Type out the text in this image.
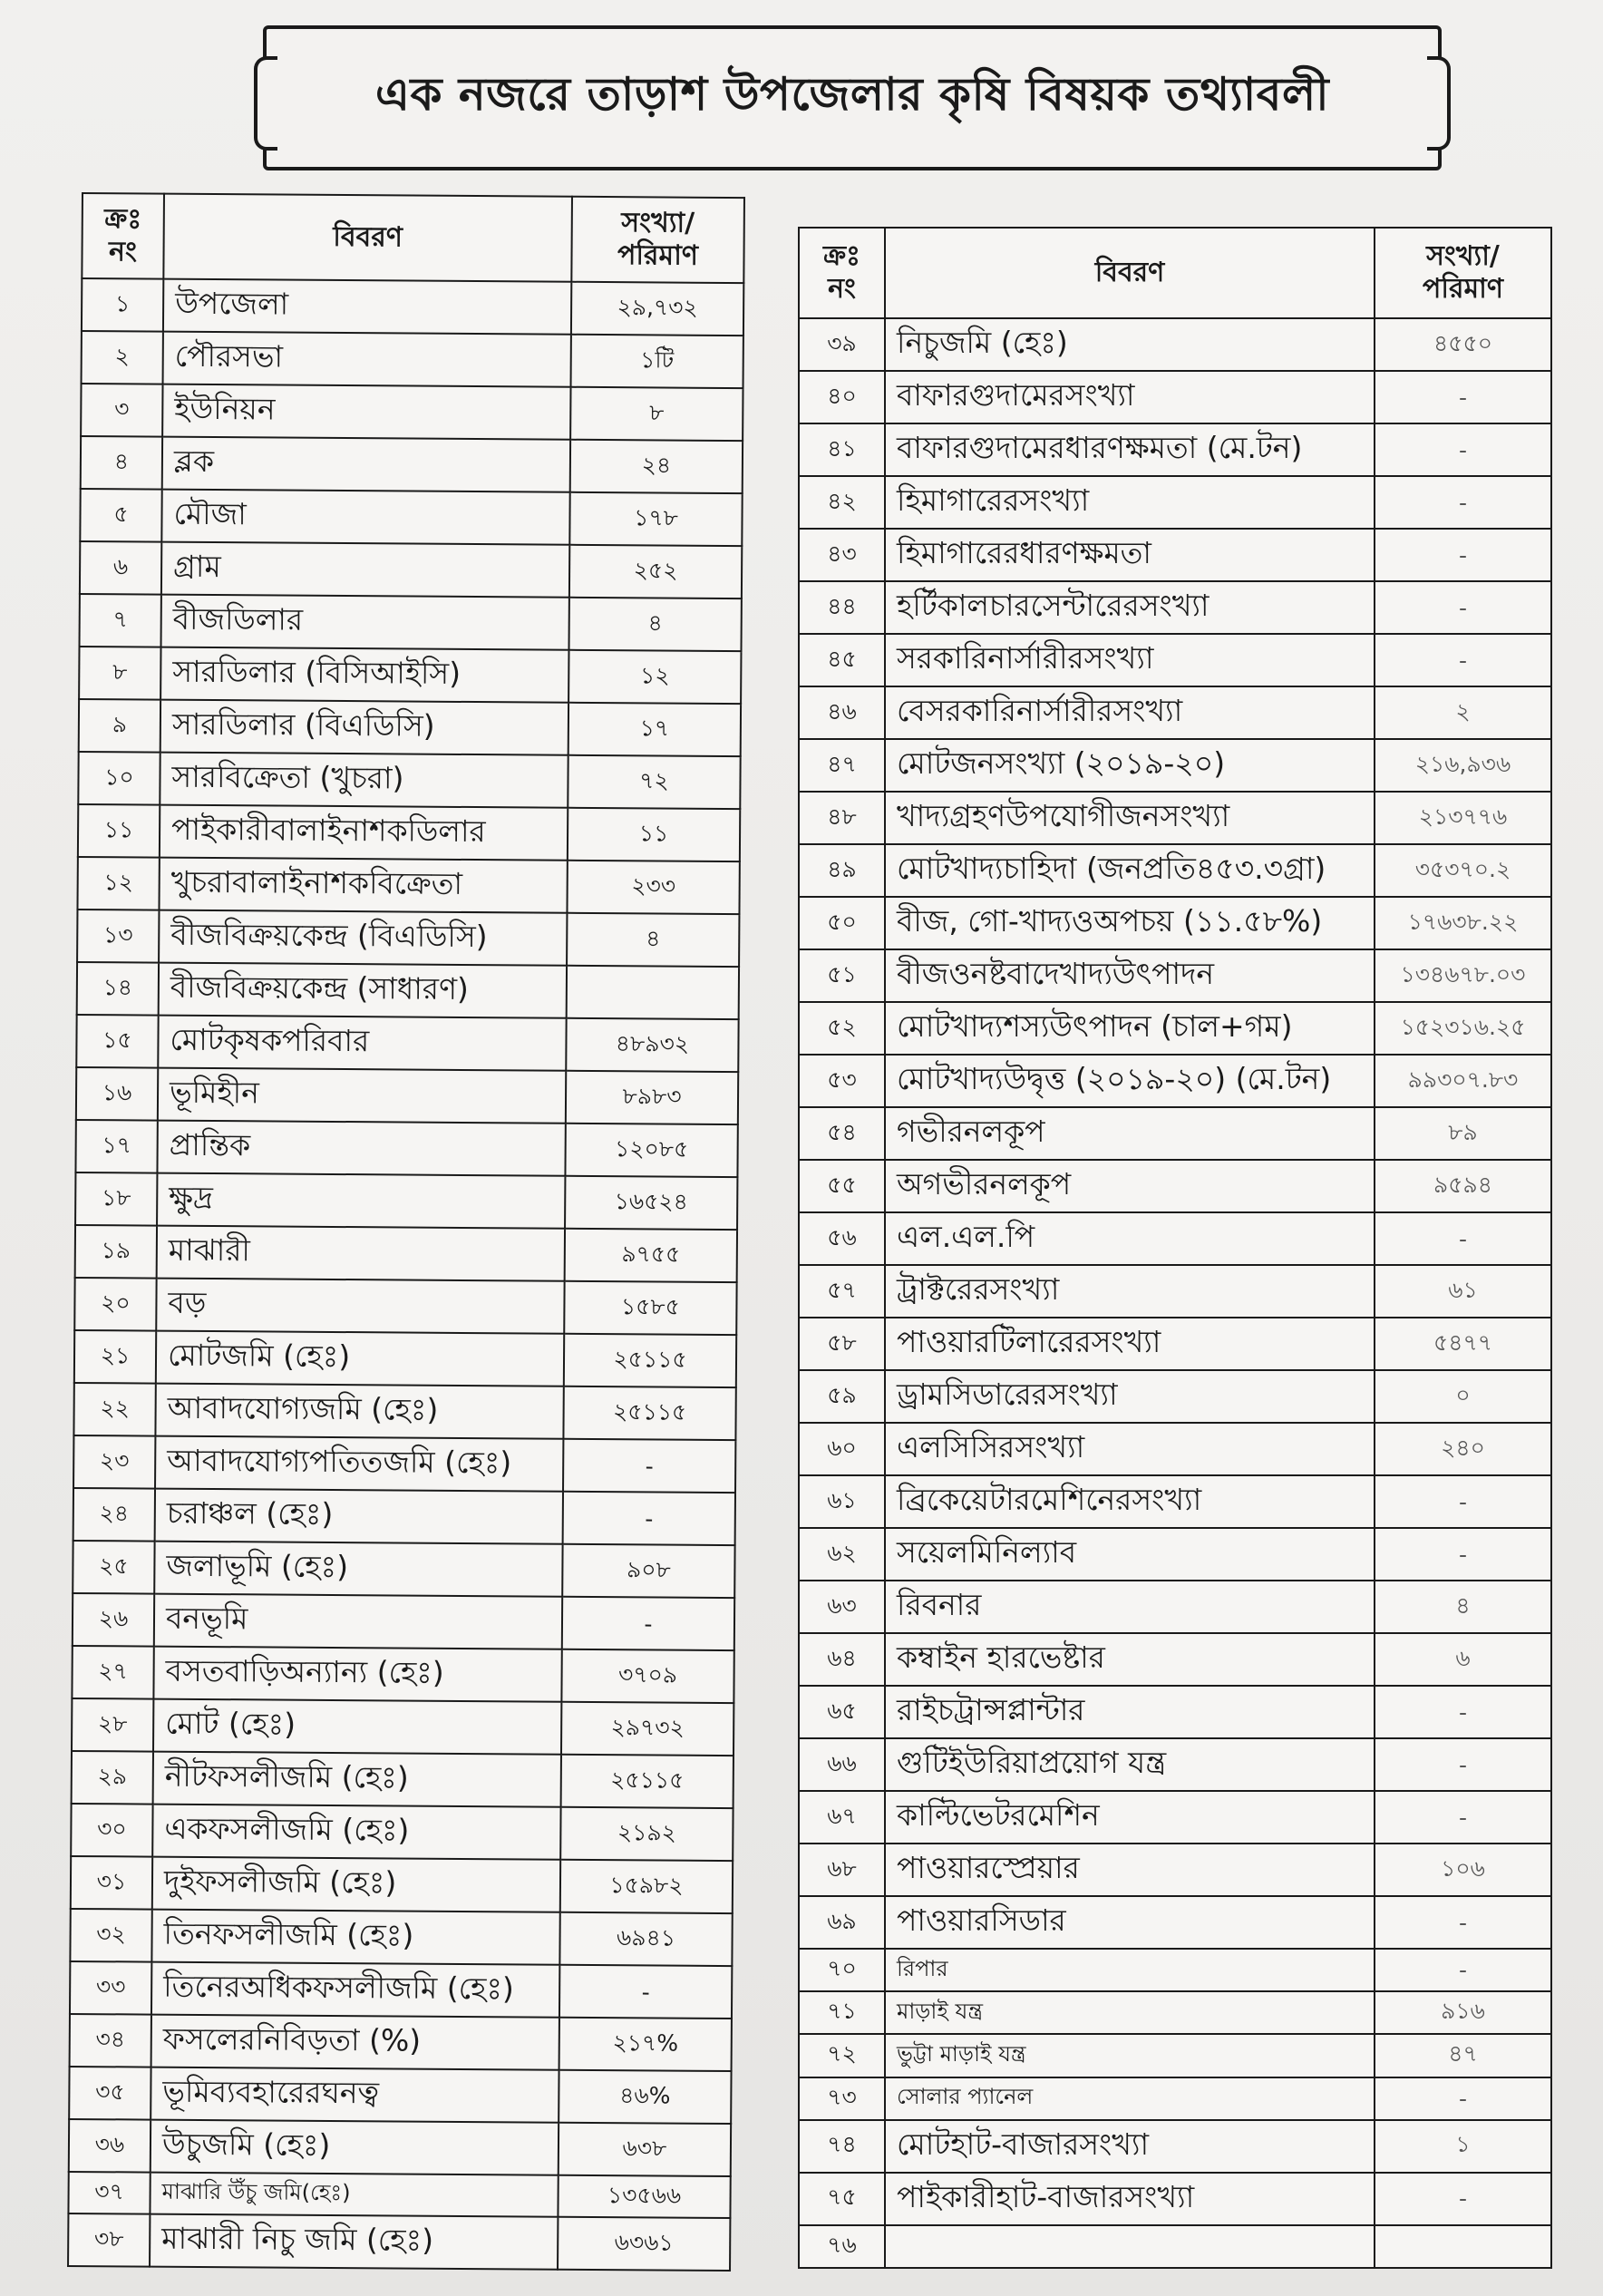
এক নজরে তাড়াশ উপজেলার কৃষি বিষয়ক তথ্যাবলী
ক্রঃ নং	বিবরণ	সংখ্যা/ পরিমাণ
১	উপজেলা	২৯,৭৩২
২	পৌরসভা	১টি
৩	ইউনিয়ন	৮
৪	ব্লক	২৪
৫	মৌজা	১৭৮
৬	গ্রাম	২৫২
৭	বীজডিলার	৪
৮	সারডিলার (বিসিআইসি)	১২
৯	সারডিলার (বিএডিসি)	১৭
১০	সারবিক্রেতা (খুচরা)	৭২
১১	পাইকারীবালাইনাশকডিলার	১১
১২	খুচরাবালাইনাশকবিক্রেতা	২৩৩
১৩	বীজবিক্রয়কেন্দ্র (বিএডিসি)	৪
১৪	বীজবিক্রয়কেন্দ্র (সাধারণ)	
১৫	মোটকৃষকপরিবার	৪৮৯৩২
১৬	ভূমিহীন	৮৯৮৩
১৭	প্রান্তিক	১২০৮৫
১৮	ক্ষুদ্র	১৬৫২৪
১৯	মাঝারী	৯৭৫৫
২০	বড়	১৫৮৫
২১	মোটজমি (হেঃ)	২৫১১৫
২২	আবাদযোগ্যজমি (হেঃ)	২৫১১৫
২৩	আবাদযোগ্যপতিতজমি (হেঃ)	-
২৪	চরাঞ্চল (হেঃ)	-
২৫	জলাভূমি (হেঃ)	৯০৮
২৬	বনভূমি	-
২৭	বসতবাড়িঅন্যান্য (হেঃ)	৩৭০৯
২৮	মোট (হেঃ)	২৯৭৩২
২৯	নীটফসলীজমি (হেঃ)	২৫১১৫
৩০	একফসলীজমি (হেঃ)	২১৯২
৩১	দুইফসলীজমি (হেঃ)	১৫৯৮২
৩২	তিনফসলীজমি (হেঃ)	৬৯৪১
৩৩	তিনেরঅধিকফসলীজমি (হেঃ)	-
৩৪	ফসলেরনিবিড়তা (%)	২১৭%
৩৫	ভূমিব্যবহারেরঘনত্ব	৪৬%
৩৬	উচুজমি (হেঃ)	৬৩৮
৩৭	মাঝারি উঁচু জমি(হেঃ)	১৩৫৬৬
৩৮	মাঝারী নিচু জমি (হেঃ)	৬৩৬১
ক্রঃ নং	বিবরণ	সংখ্যা/ পরিমাণ
৩৯	নিচুজমি (হেঃ)	৪৫৫০
৪০	বাফারগুদামেরসংখ্যা	-
৪১	বাফারগুদামেরধারণক্ষমতা (মে.টন)	-
৪২	হিমাগারেরসংখ্যা	-
৪৩	হিমাগারেরধারণক্ষমতা	-
৪৪	হর্টিকালচারসেন্টারেরসংখ্যা	-
৪৫	সরকারিনার্সারীরসংখ্যা	-
৪৬	বেসরকারিনার্সারীরসংখ্যা	২
৪৭	মোটজনসংখ্যা (২০১৯-২০)	২১৬,৯৩৬
৪৮	খাদ্যগ্রহণউপযোগীজনসংখ্যা	২১৩৭৭৬
৪৯	মোটখাদ্যচাহিদা (জনপ্রতি৪৫৩.৩গ্রা)	৩৫৩৭০.২
৫০	বীজ, গো-খাদ্যওঅপচয় (১১.৫৮%)	১৭৬৩৮.২২
৫১	বীজওনষ্টবাদেখাদ্যউৎপাদন	১৩৪৬৭৮.০৩
৫২	মোটখাদ্যশস্যউৎপাদন (চাল+গম)	১৫২৩১৬.২৫
৫৩	মোটখাদ্যউদ্বৃত্ত (২০১৯-২০) (মে.টন)	৯৯৩০৭.৮৩
৫৪	গভীরনলকূপ	৮৯
৫৫	অগভীরনলকূপ	৯৫৯৪
৫৬	এল.এল.পি	-
৫৭	ট্রাক্টরেরসংখ্যা	৬১
৫৮	পাওয়ারটিলারেরসংখ্যা	৫৪৭৭
৫৯	ড্রামসিডারেরসংখ্যা	০
৬০	এলসিসিরসংখ্যা	২৪০
৬১	ব্রিকেয়েটারমেশিনেরসংখ্যা	-
৬২	সয়েলমিনিল্যাব	-
৬৩	রিবনার	৪
৬৪	কম্বাইন হারভেষ্টার	৬
৬৫	রাইচট্রান্সপ্লান্টার	-
৬৬	গুটিইউরিয়াপ্রয়োগ যন্ত্র	-
৬৭	কাল্টিভেটরমেশিন	-
৬৮	পাওয়ারস্প্রেয়ার	১০৬
৬৯	পাওয়ারসিডার	-
৭০	রিপার	-
৭১	মাড়াই যন্ত্র	৯১৬
৭২	ভুট্টা মাড়াই যন্ত্র	৪৭
৭৩	সোলার প্যানেল	-
৭৪	মোটহাট-বাজারসংখ্যা	১
৭৫	পাইকারীহাট-বাজারসংখ্যা	-
৭৬		
